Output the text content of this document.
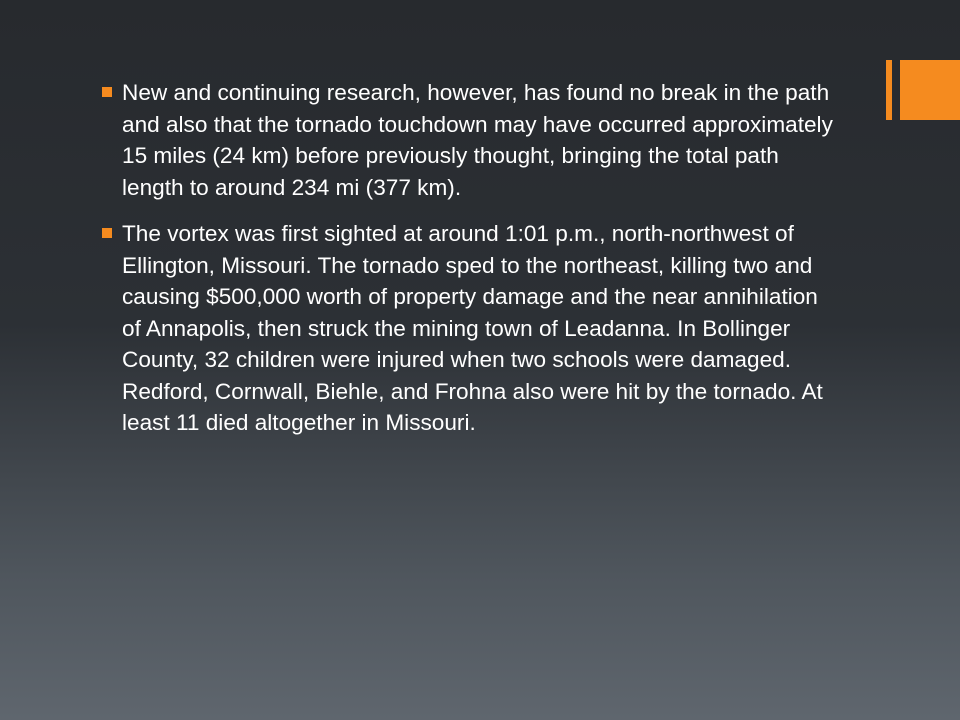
New and continuing research, however, has found no break in the path and also that the tornado touchdown may have occurred approximately 15 miles (24 km) before previously thought, bringing the total path length to around 234 mi (377 km).
The vortex was first sighted at around 1:01 p.m., north-northwest of Ellington, Missouri. The tornado sped to the northeast, killing two and causing $500,000 worth of property damage and the near annihilation of Annapolis, then struck the mining town of Leadanna. In Bollinger County, 32 children were injured when two schools were damaged. Redford, Cornwall, Biehle, and Frohna also were hit by the tornado. At least 11 died altogether in Missouri.
